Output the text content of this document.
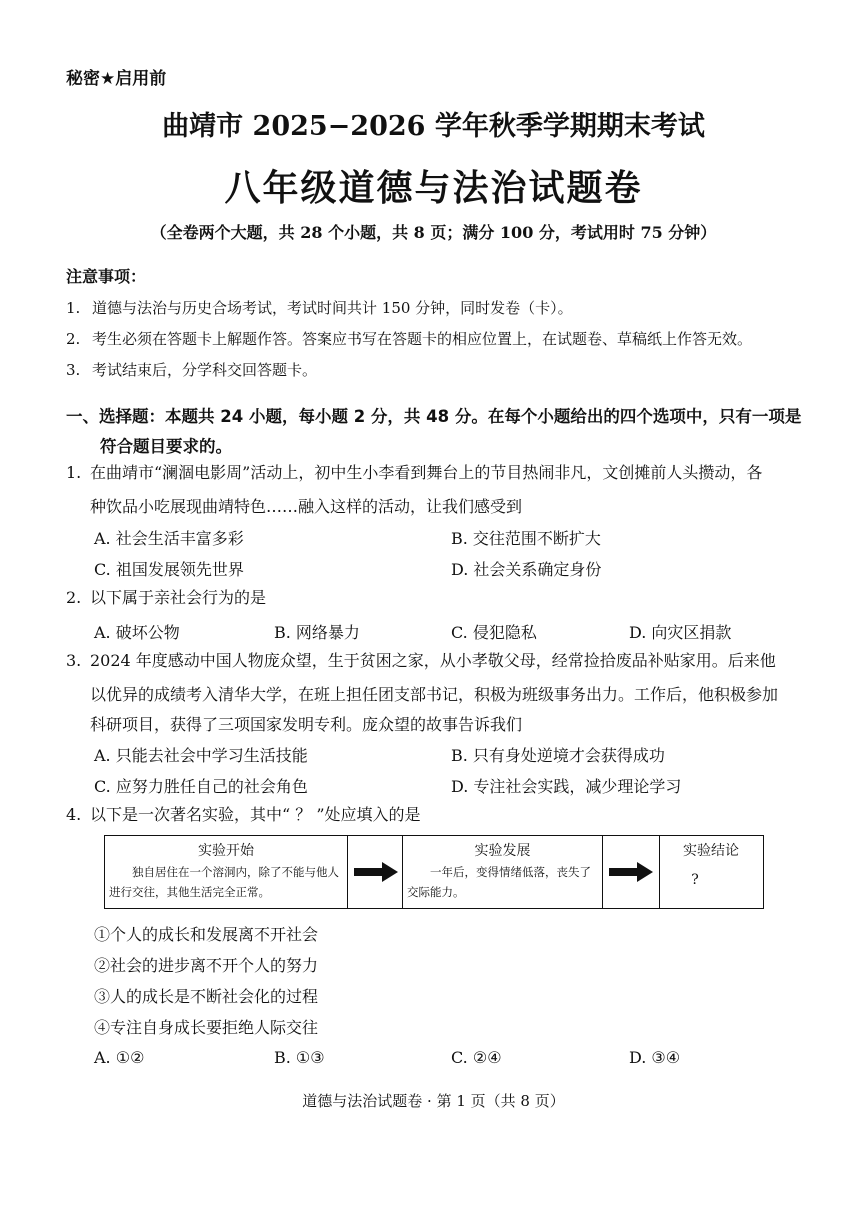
秘密★启用前
曲靖市 2025−2026 学年秋季学期期末考试
八年级道德与法治试题卷
（全卷两个大题，共 28 个小题，共 8 页；满分 100 分，考试用时 75 分钟）
注意事项：
1. 道德与法治与历史合场考试，考试时间共计 150 分钟，同时发卷（卡）。
2. 考生必须在答题卡上解题作答。答案应书写在答题卡的相应位置上，在试题卷、草稿纸上作答无效。
3. 考试结束后，分学科交回答题卡。
一、选择题：本题共 24 小题，每小题 2 分，共 48 分。在每个小题给出的四个选项中，只有一项是符合题目要求的。
1. 在曲靖市“澜涸电影周”活动上，初中生小李看到舞台上的节目热闹非凡，文创摊前人头攒动，各
种饮品小吃展现曲靖特色……融入这样的活动，让我们感受到
A. 社会生活丰富多彩	B. 交往范围不断扩大
C. 祖国发展领先世界	D. 社会关系确定身份
2. 以下属于亲社会行为的是
A. 破坏公物	B. 网络暴力	C. 侵犯隐私	D. 向灾区捐款
3. 2024 年度感动中国人物庞众望，生于贫困之家，从小孝敬父母，经常捡拾废品补贴家用。后来他
以优异的成绩考入清华大学，在班上担任团支部书记，积极为班级事务出力。工作后，他积极参加
科研项目，获得了三项国家发明专利。庞众望的故事告诉我们
A. 只能去社会中学习生活技能	B. 只有身处逆境才会获得成功
C. 应努力胜任自己的社会角色	D. 专注社会实践，减少理论学习
4. 以下是一次著名实验，其中“ ？ ”处应填入的是
实验开始
独自居住在一个溶洞内，除了不能与他人进行交往，其他生活完全正常。
实验发展
一年后，变得情绪低落，丧失了交际能力。
实验结论
?
①个人的成长和发展离不开社会
②社会的进步离不开个人的努力
③人的成长是不断社会化的过程
④专注自身成长要拒绝人际交往
A. ①②	B. ①③	C. ②④	D. ③④
道德与法治试题卷 · 第 1 页（共 8 页）
